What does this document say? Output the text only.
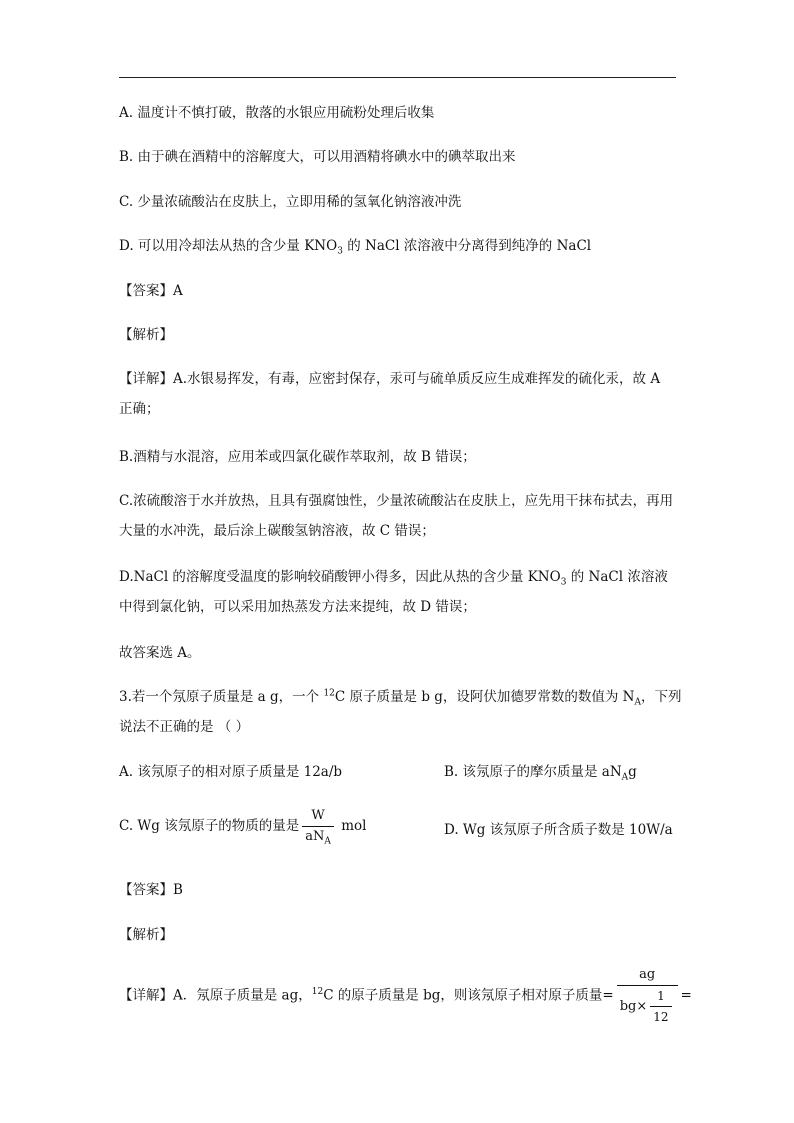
A. 温度计不慎打破，散落的水银应用硫粉处理后收集
B. 由于碘在酒精中的溶解度大，可以用酒精将碘水中的碘萃取出来
C. 少量浓硫酸沾在皮肤上，立即用稀的氢氧化钠溶液冲洗
D. 可以用冷却法从热的含少量 $KNO_3$ 的 NaCl 浓溶液中分离得到纯净的 NaCl
【答案】A
【解析】
【详解】A.水银易挥发，有毒，应密封保存，汞可与硫单质反应生成难挥发的硫化汞，故 A 正确；
B.酒精与水混溶，应用苯或四氯化碳作萃取剂，故 B 错误；
C.浓硫酸溶于水并放热，且具有强腐蚀性，少量浓硫酸沾在皮肤上，应先用干抹布拭去，再用大量的水冲洗，最后涂上碳酸氢钠溶液，故 C 错误；
D.NaCl 的溶解度受温度的影响较硝酸钾小得多，因此从热的含少量 $KNO_3$ 的 NaCl 浓溶液中得到氯化钠，可以采用加热蒸发方法来提纯，故 D 错误；
故答案选 A。
3.若一个氖原子质量是 a g，一个 $^{12}$C 原子质量是 b g，设阿伏加德罗常数的数值为 $N_A$，下列
说法不正确的是 （ ）
A. 该氖原子的相对原子质量是 12a/b	B. 该氖原子的摩尔质量是 $aN_Ag$
C. Wg 该氖原子的物质的量是 $\frac{W}{aN_A}$ mol	D. Wg 该氖原子所含质子数是 10W/a
【答案】B
【解析】
【详解】A．氖原子质量是 ag，$^{12}$C 的原子质量是 bg，则该氖原子相对原子质量= $\frac{ag}{bg\times \frac{1}{12}}$ =
